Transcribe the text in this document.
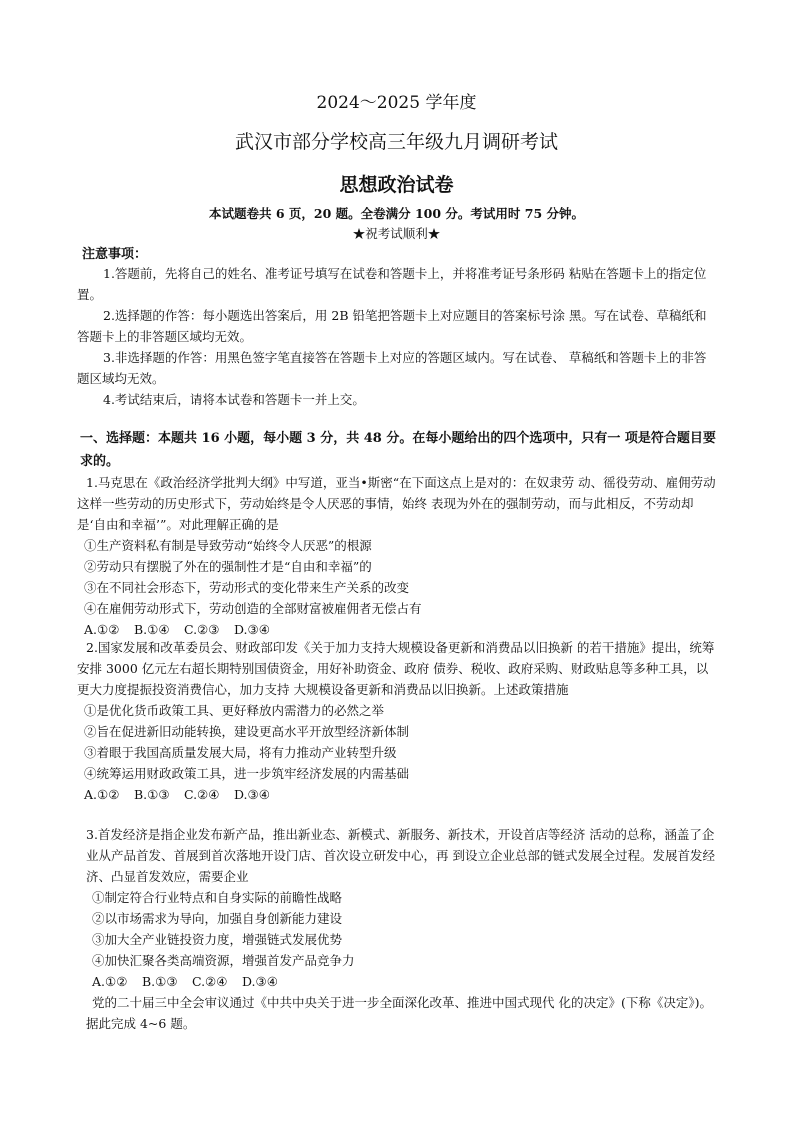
2024～2025 学年度
武汉市部分学校高三年级九月调研考试
思想政治试卷
本试题卷共 6 页，20 题。全卷满分 100 分。考试用时 75 分钟。
★祝考试顺利★
注意事项：

1.答题前，先将自己的姓名、准考证号填写在试卷和答题卡上，并将准考证号条形码 粘贴在答题卡上的指定位置。

2.选择题的作答：每小题选出答案后，用 2B 铅笔把答题卡上对应题目的答案标号涂 黑。写在试卷、草稿纸和答题卡上的非答题区域均无效。

3.非选择题的作答：用黑色签字笔直接答在答题卡上对应的答题区域内。写在试卷、 草稿纸和答题卡上的非答题区域均无效。

4.考试结束后，请将本试卷和答题卡一并上交。

一、选择题：本题共 16 小题，每小题 3 分，共 48 分。在每小题给出的四个选项中，只有一 项是符合题目要求的。

1.马克思在《政治经济学批判大纲》中写道，亚当•斯密“在下面这点上是对的：在奴隶劳 动、徭役劳动、雇佣劳动这样一些劳动的历史形式下，劳动始终是令人厌恶的事情，始终 表现为外在的强制劳动，而与此相反，不劳动却是‘自由和幸福’”。对此理解正确的是

①生产资料私有制是导致劳动“始终令人厌恶”的根源

②劳动只有摆脱了外在的强制性才是“自由和幸福”的

③在不同社会形态下，劳动形式的变化带来生产关系的改变

④在雇佣劳动形式下，劳动创造的全部财富被雇佣者无偿占有

A.①② B.①④ C.②③ D.③④

2.国家发展和改革委员会、财政部印发《关于加力支持大规模设备更新和消费品以旧换新 的若干措施》提出，统筹安排 3000 亿元左右超长期特别国债资金，用好补助资金、政府 债券、税收、政府采购、财政贴息等多种工具，以更大力度提振投资消费信心，加力支持 大规模设备更新和消费品以旧换新。上述政策措施

①是优化货币政策工具、更好释放内需潜力的必然之举

②旨在促进新旧动能转换，建设更高水平开放型经济新体制

③着眼于我国高质量发展大局，将有力推动产业转型升级

④统筹运用财政政策工具，进一步筑牢经济发展的内需基础

A.①② B.①③ C.②④ D.③④

3.首发经济是指企业发布新产品，推出新业态、新模式、新服务、新技术，开设首店等经济 活动的总称，涵盖了企业从产品首发、首展到首次落地开设门店、首次设立研发中心，再 到设立企业总部的链式发展全过程。发展首发经济、凸显首发效应，需要企业

①制定符合行业特点和自身实际的前瞻性战略

②以市场需求为导向，加强自身创新能力建设

③加大全产业链投资力度，增强链式发展优势

④加快汇聚各类高端资源，增强首发产品竞争力

A.①② B.①③ C.②④ D.③④

党的二十届三中全会审议通过《中共中央关于进一步全面深化改革、推进中国式现代 化的决定》(下称《决定》)。据此完成 4~6 题。
